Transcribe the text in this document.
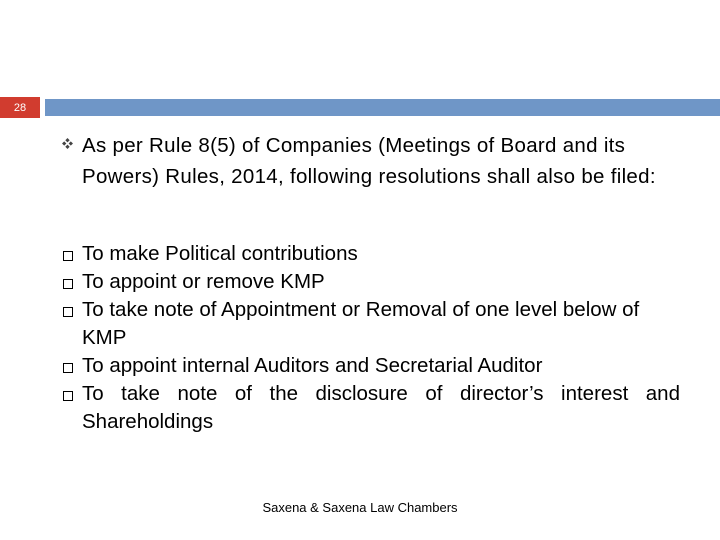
28
As per Rule 8(5) of Companies (Meetings of Board and its Powers) Rules, 2014, following resolutions shall also be filed:
To make Political contributions
To appoint or remove KMP
To take note of Appointment or Removal of one level below of KMP
To appoint internal Auditors and Secretarial Auditor
To take note of the disclosure of director’s interest and Shareholdings
Saxena & Saxena Law Chambers
